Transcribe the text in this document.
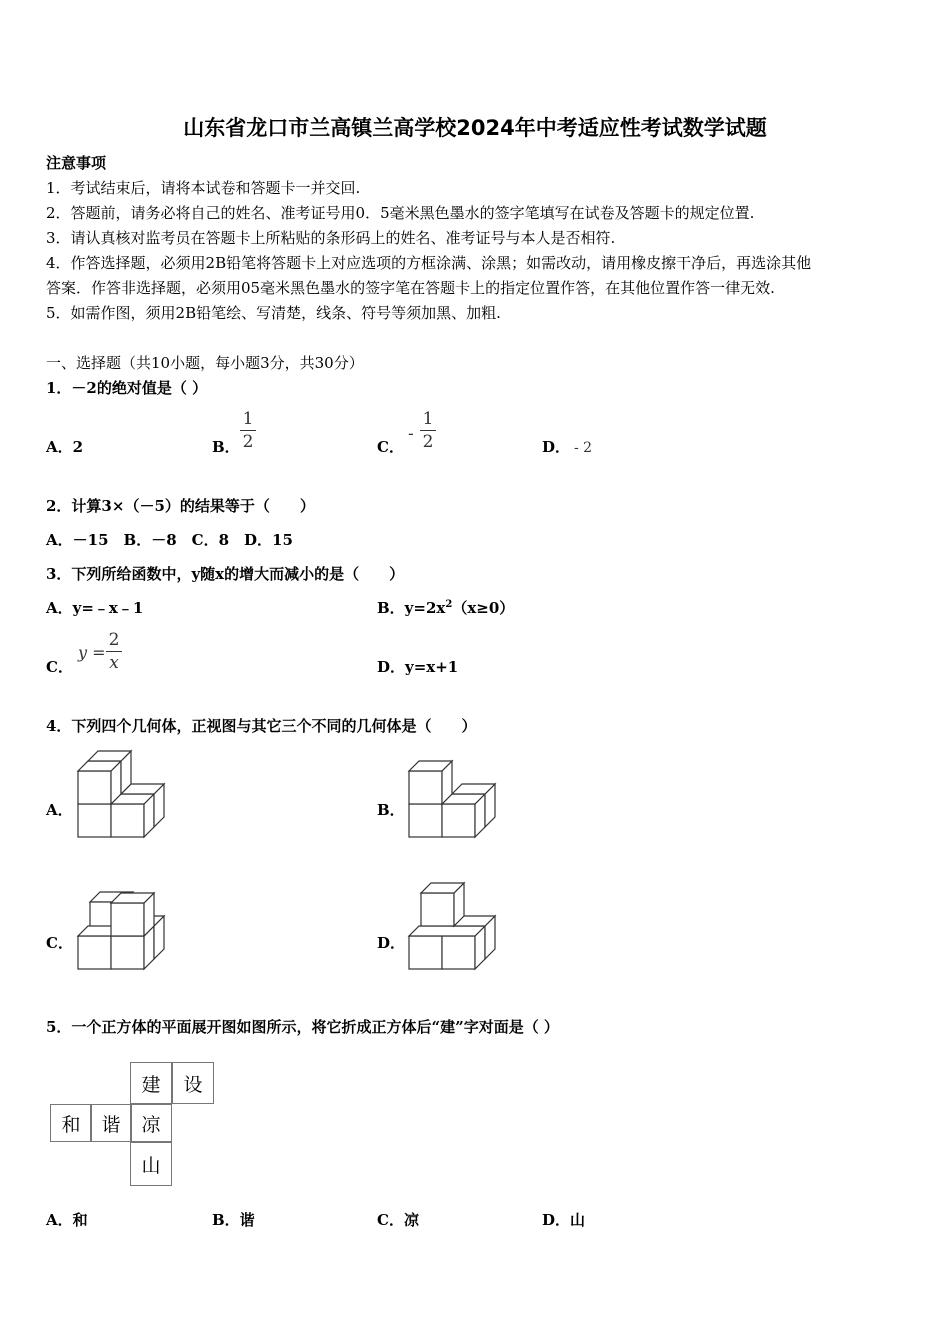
山东省龙口市兰高镇兰高学校2024年中考适应性考试数学试题
注意事项
1．考试结束后，请将本试卷和答题卡一并交回.
2．答题前，请务必将自己的姓名、准考证号用0．5毫米黑色墨水的签字笔填写在试卷及答题卡的规定位置.
3．请认真核对监考员在答题卡上所粘贴的条形码上的姓名、准考证号与本人是否相符.
4．作答选择题，必须用2B铅笔将答题卡上对应选项的方框涂满、涂黑；如需改动，请用橡皮擦干净后，再选涂其他
答案．作答非选择题，必须用05毫米黑色墨水的签字笔在答题卡上的指定位置作答，在其他位置作答一律无效.
5．如需作图，须用2B铅笔绘、写清楚，线条、符号等须加黑、加粗.
一、选择题（共10小题，每小题3分，共30分）
1．－2的绝对值是（ ）
A．2	B．
1
2	C．
-
1
2	D． - 2
2．计算3×（－5）的结果等于（　　）
A．－15　B．－8　C．8　D．15
3．下列所给函数中，y随x的增大而减小的是（　　）
A．y=﹣x﹣1	B．$y=2x^2(x\ge 0)$
C．
y =
2
x	D．y=x+1
4．下列四个几何体，正视图与其它三个不同的几何体是（　　）
A．	B．
C．	D．
5．一个正方体的平面展开图如图所示，将它折成正方体后“建”字对面是（ ）
建	设
和	谐	凉
山
A．和	B．谐	C．凉	D．山
